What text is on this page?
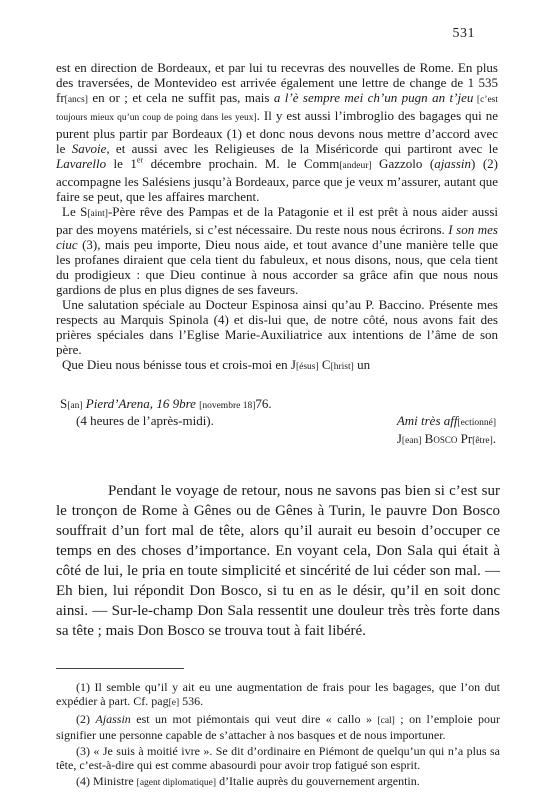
531

est en direction de Bordeaux, et par lui tu recevras des nouvelles de Rome. En plus des traversées, de Montevideo est arrivée également une lettre de change de 1 535 fr[ancs] en or ; et cela ne suffit pas, mais a l’è sempre mei ch’un pugn an t’jeu [c’est toujours mieux qu’un coup de poing dans les yeux]. Il y est aussi l’imbroglio des bagages qui ne purent plus partir par Bordeaux (1) et donc nous devons nous mettre d’accord avec le Savoie, et aussi avec les Religieuses de la Miséricorde qui partiront avec le Lavarello le 1er décembre prochain. M. le Comm[andeur] Gazzolo (ajassin) (2) accompagne les Salésiens jusqu’à Bordeaux, parce que je veux m’assurer, autant que faire se peut, que les affaires marchent.

Le S[aint]-Père rêve des Pampas et de la Patagonie et il est prêt à nous aider aussi par des moyens matériels, si c’est nécessaire. Du reste nous nous écrirons. I son mes ciuc (3), mais peu importe, Dieu nous aide, et tout avance d’une manière telle que les profanes diraient que cela tient du fabuleux, et nous disons, nous, que cela tient du prodigieux : que Dieu continue à nous accorder sa grâce afin que nous nous gardions de plus en plus dignes de ses faveurs.

Une salutation spéciale au Docteur Espinosa ainsi qu’au P. Baccino. Présente mes respects au Marquis Spinola (4) et dis-lui que, de notre côté, nous avons fait des prières spéciales dans l’Eglise Marie-Auxiliatrice aux intentions de l’âme de son père.

Que Dieu nous bénisse tous et crois-moi en J[ésus] C[hrist] un

S[an] Pierd’Arena, 16 9bre [novembre 18]76.
(4 heures de l’après-midi).	Ami très aff[ectionné]
J[ean] Bosco Pr[être].

Pendant le voyage de retour, nous ne savons pas bien si c’est sur le tronçon de Rome à Gênes ou de Gênes à Turin, le pauvre Don Bosco souffrait d’un fort mal de tête, alors qu’il aurait eu besoin d’occuper ce temps en des choses d’importance. En voyant cela, Don Sala qui était à côté de lui, le pria en toute simplicité et sincérité de lui céder son mal. — Eh bien, lui répondit Don Bosco, si tu en as le désir, qu’il en soit donc ainsi. — Sur-le-champ Don Sala ressentit une douleur très très forte dans sa tête ; mais Don Bosco se trouva tout à fait libéré.

(1) Il semble qu’il y ait eu une augmentation de frais pour les bagages, que l’on dut expédier à part. Cf. pag[e] 536.

(2) Ajassin est un mot piémontais qui veut dire « callo » [cal] ; on l’emploie pour signifier une personne capable de s’attacher à nos basques et de nous importuner.

(3) « Je suis à moitié ivre ». Se dit d’ordinaire en Piémont de quelqu’un qui n’a plus sa tête, c’est-à-dire qui est comme abasourdi pour avoir trop fatigué son esprit.

(4) Ministre [agent diplomatique] d’Italie auprès du gouvernement argentin.
